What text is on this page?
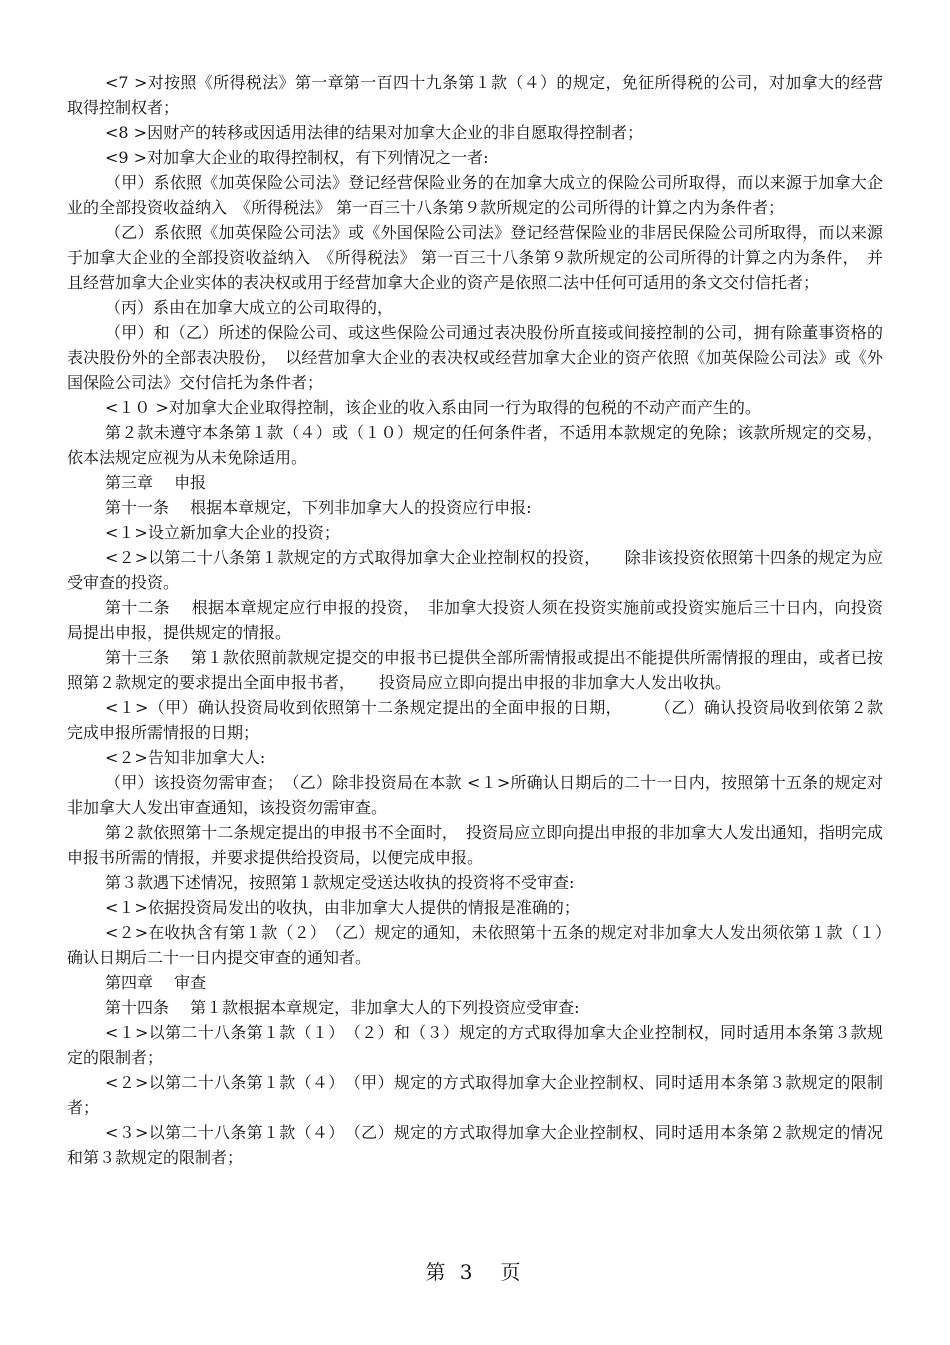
<7 >对按照《所得税法》第一章第一百四十九条第１款（４）的规定，免征所得税的公司，对加拿大的经营取得控制权者；

<8 >因财产的转移或因适用法律的结果对加拿大企业的非自愿取得控制者；

<9 >对加拿大企业的取得控制权，有下列情况之一者:

（甲）系依照《加英保险公司法》登记经营保险业务的在加拿大成立的保险公司所取得，而以来源于加拿大企业的全部投资收益纳入　《所得税法》 第一百三十八条第９款所规定的公司所得的计算之内为条件者；

（乙）系依照《加英保险公司法》或《外国保险公司法》登记经营保险业的非居民保险公司所取得，而以来源于加拿大企业的全部投资收益纳入　《所得税法》 第一百三十八条第９款所规定的公司所得的计算之内为条件，　并且经营加拿大企业实体的表决权或用于经营加拿大企业的资产是依照二法中任何可适用的条文交付信托者；

（丙）系由在加拿大成立的公司取得的，

（甲）和（乙）所述的保险公司、或这些保险公司通过表决股份所直接或间接控制的公司，拥有除董事资格的表决股份外的全部表决股份，　以经营加拿大企业的表决权或经营加拿大企业的资产依照《加英保险公司法》或《外国保险公司法》交付信托为条件者；

<１０ >对加拿大企业取得控制，该企业的收入系由同一行为取得的包税的不动产而产生的。

第２款未遵守本条第１款（４）或（１０）规定的任何条件者，不适用本款规定的免除；该款所规定的交易，依本法规定应视为从未免除适用。

第三章　 申报

第十一条　 根据本章规定，下列非加拿大人的投资应行申报:

<１>设立新加拿大企业的投资；

<２>以第二十八条第１款规定的方式取得加拿大企业控制权的投资，　　除非该投资依照第十四条的规定为应受审查的投资。

第十二条　 根据本章规定应行申报的投资，　非加拿大投资人须在投资实施前或投资实施后三十日内，向投资局提出申报，提供规定的情报。

第十三条　 第１款依照前款规定提交的申报书已提供全部所需情报或提出不能提供所需情报的理由，或者已按照第２款规定的要求提出全面申报书者，　　投资局应立即向提出申报的非加拿大人发出收执。

<１>（甲）确认投资局收到依照第十二条规定提出的全面申报的日期，　　　（乙）确认投资局收到依第２款完成申报所需情报的日期；

<２>告知非加拿大人:

（甲）该投资勿需审查；　（乙）除非投资局在本款 <１>所确认日期后的二十一日内，按照第十五条的规定对非加拿大人发出审查通知，该投资勿需审查。

第２款依照第十二条规定提出的申报书不全面时，　投资局应立即向提出申报的非加拿大人发出通知，指明完成申报书所需的情报，并要求提供给投资局，以便完成申报。

第３款遇下述情况，按照第１款规定受送达收执的投资将不受审查:

<１>依据投资局发出的收执，由非加拿大人提供的情报是准确的；

<２>在收执含有第１款（２）　（乙）规定的通知，未依照第十五条的规定对非加拿大人发出须依第１款（１）确认日期后二十一日内提交审查的通知者。

第四章　 审查

第十四条　 第１款根据本章规定，非加拿大人的下列投资应受审查:

<１>以第二十八条第１款（１）　（２）和（３）规定的方式取得加拿大企业控制权，同时适用本条第３款规定的限制者；

<２>以第二十八条第１款（４）　（甲）规定的方式取得加拿大企业控制权、同时适用本条第３款规定的限制者；

<３>以第二十八条第１款（４）　（乙）规定的方式取得加拿大企业控制权、同时适用本条第２款规定的情况和第３款规定的限制者；

第 3　页
